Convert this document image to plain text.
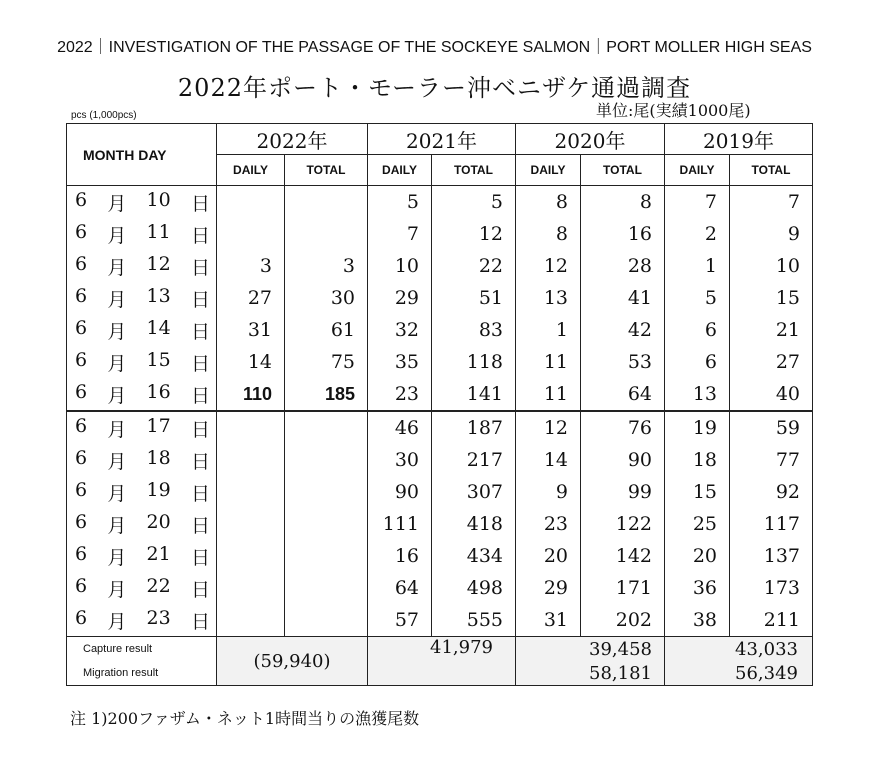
2022｜INVESTIGATION OF THE PASSAGE OF THE SOCKEYE SALMON｜PORT MOLLER HIGH SEAS
2022年ポート・モーラー沖ベニザケ通過調査
単位:尾(実績1000尾)
pcs (1,000pcs)
MONTH DAY	2022年		2021年		2020年		2019年	
	DAILY	TOTAL	DAILY	TOTAL	DAILY	TOTAL	DAILY	TOTAL

6 月 10 日			5	5	8	8	7	7

6 月 11 日			7	12	8	16	2	9

6 月 12 日	3	3	10	22	12	28	1	10

6 月 13 日	27	30	29	51	13	41	5	15

6 月 14 日	31	61	32	83	1	42	6	21

6 月 15 日	14	75	35	118	11	53	6	27

6 月 16 日	110	185	23	141	11	64	13	40

6 月 17 日			46	187	12	76	19	59

6 月 18 日			30	217	14	90	18	77

6 月 19 日			90	307	9	99	15	92

6 月 20 日			111	418	23	122	25	117

6 月 21 日			16	434	20	142	20	137

6 月 22 日			64	498	29	171	36	173

6 月 23 日			57	555	31	202	38	211
Capture result	(59,940)		41,979		39,458		43,033	
Migration result					58,181		56,349	
注 1)200ファザム・ネット1時間当りの漁獲尾数
